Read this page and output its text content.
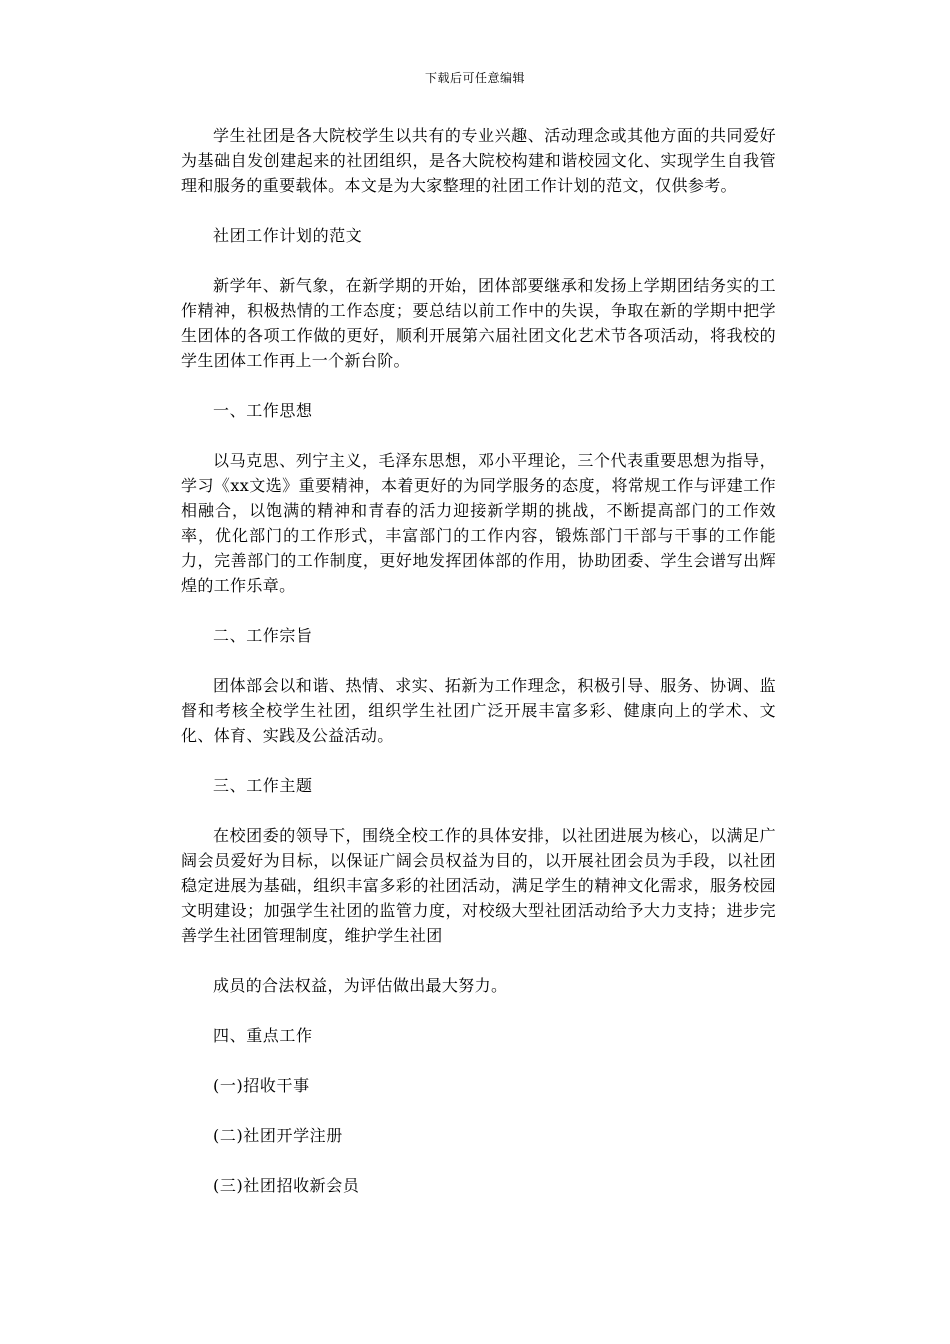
下载后可任意编辑

学生社团是各大院校学生以共有的专业兴趣、活动理念或其他方面的共同爱好为基础自发创建起来的社团组织，是各大院校构建和谐校园文化、实现学生自我管理和服务的重要载体。本文是为大家整理的社团工作计划的范文，仅供参考。

社团工作计划的范文

新学年、新气象，在新学期的开始，团体部要继承和发扬上学期团结务实的工作精神，积极热情的工作态度；要总结以前工作中的失误，争取在新的学期中把学生团体的各项工作做的更好，顺利开展第六届社团文化艺术节各项活动，将我校的学生团体工作再上一个新台阶。

一、工作思想

以马克思、列宁主义，毛泽东思想，邓小平理论，三个代表重要思想为指导，学习《xx文选》重要精神，本着更好的为同学服务的态度，将常规工作与评建工作相融合，以饱满的精神和青春的活力迎接新学期的挑战，不断提高部门的工作效率，优化部门的工作形式，丰富部门的工作内容，锻炼部门干部与干事的工作能力，完善部门的工作制度，更好地发挥团体部的作用，协助团委、学生会谱写出辉煌的工作乐章。

二、工作宗旨

团体部会以和谐、热情、求实、拓新为工作理念，积极引导、服务、协调、监督和考核全校学生社团，组织学生社团广泛开展丰富多彩、健康向上的学术、文化、体育、实践及公益活动。

三、工作主题

在校团委的领导下，围绕全校工作的具体安排，以社团进展为核心，以满足广阔会员爱好为目标，以保证广阔会员权益为目的，以开展社团会员为手段，以社团稳定进展为基础，组织丰富多彩的社团活动，满足学生的精神文化需求，服务校园文明建设；加强学生社团的监管力度，对校级大型社团活动给予大力支持；进步完善学生社团管理制度，维护学生社团

成员的合法权益，为评估做出最大努力。

四、重点工作

(一)招收干事

(二)社团开学注册

(三)社团招收新会员
